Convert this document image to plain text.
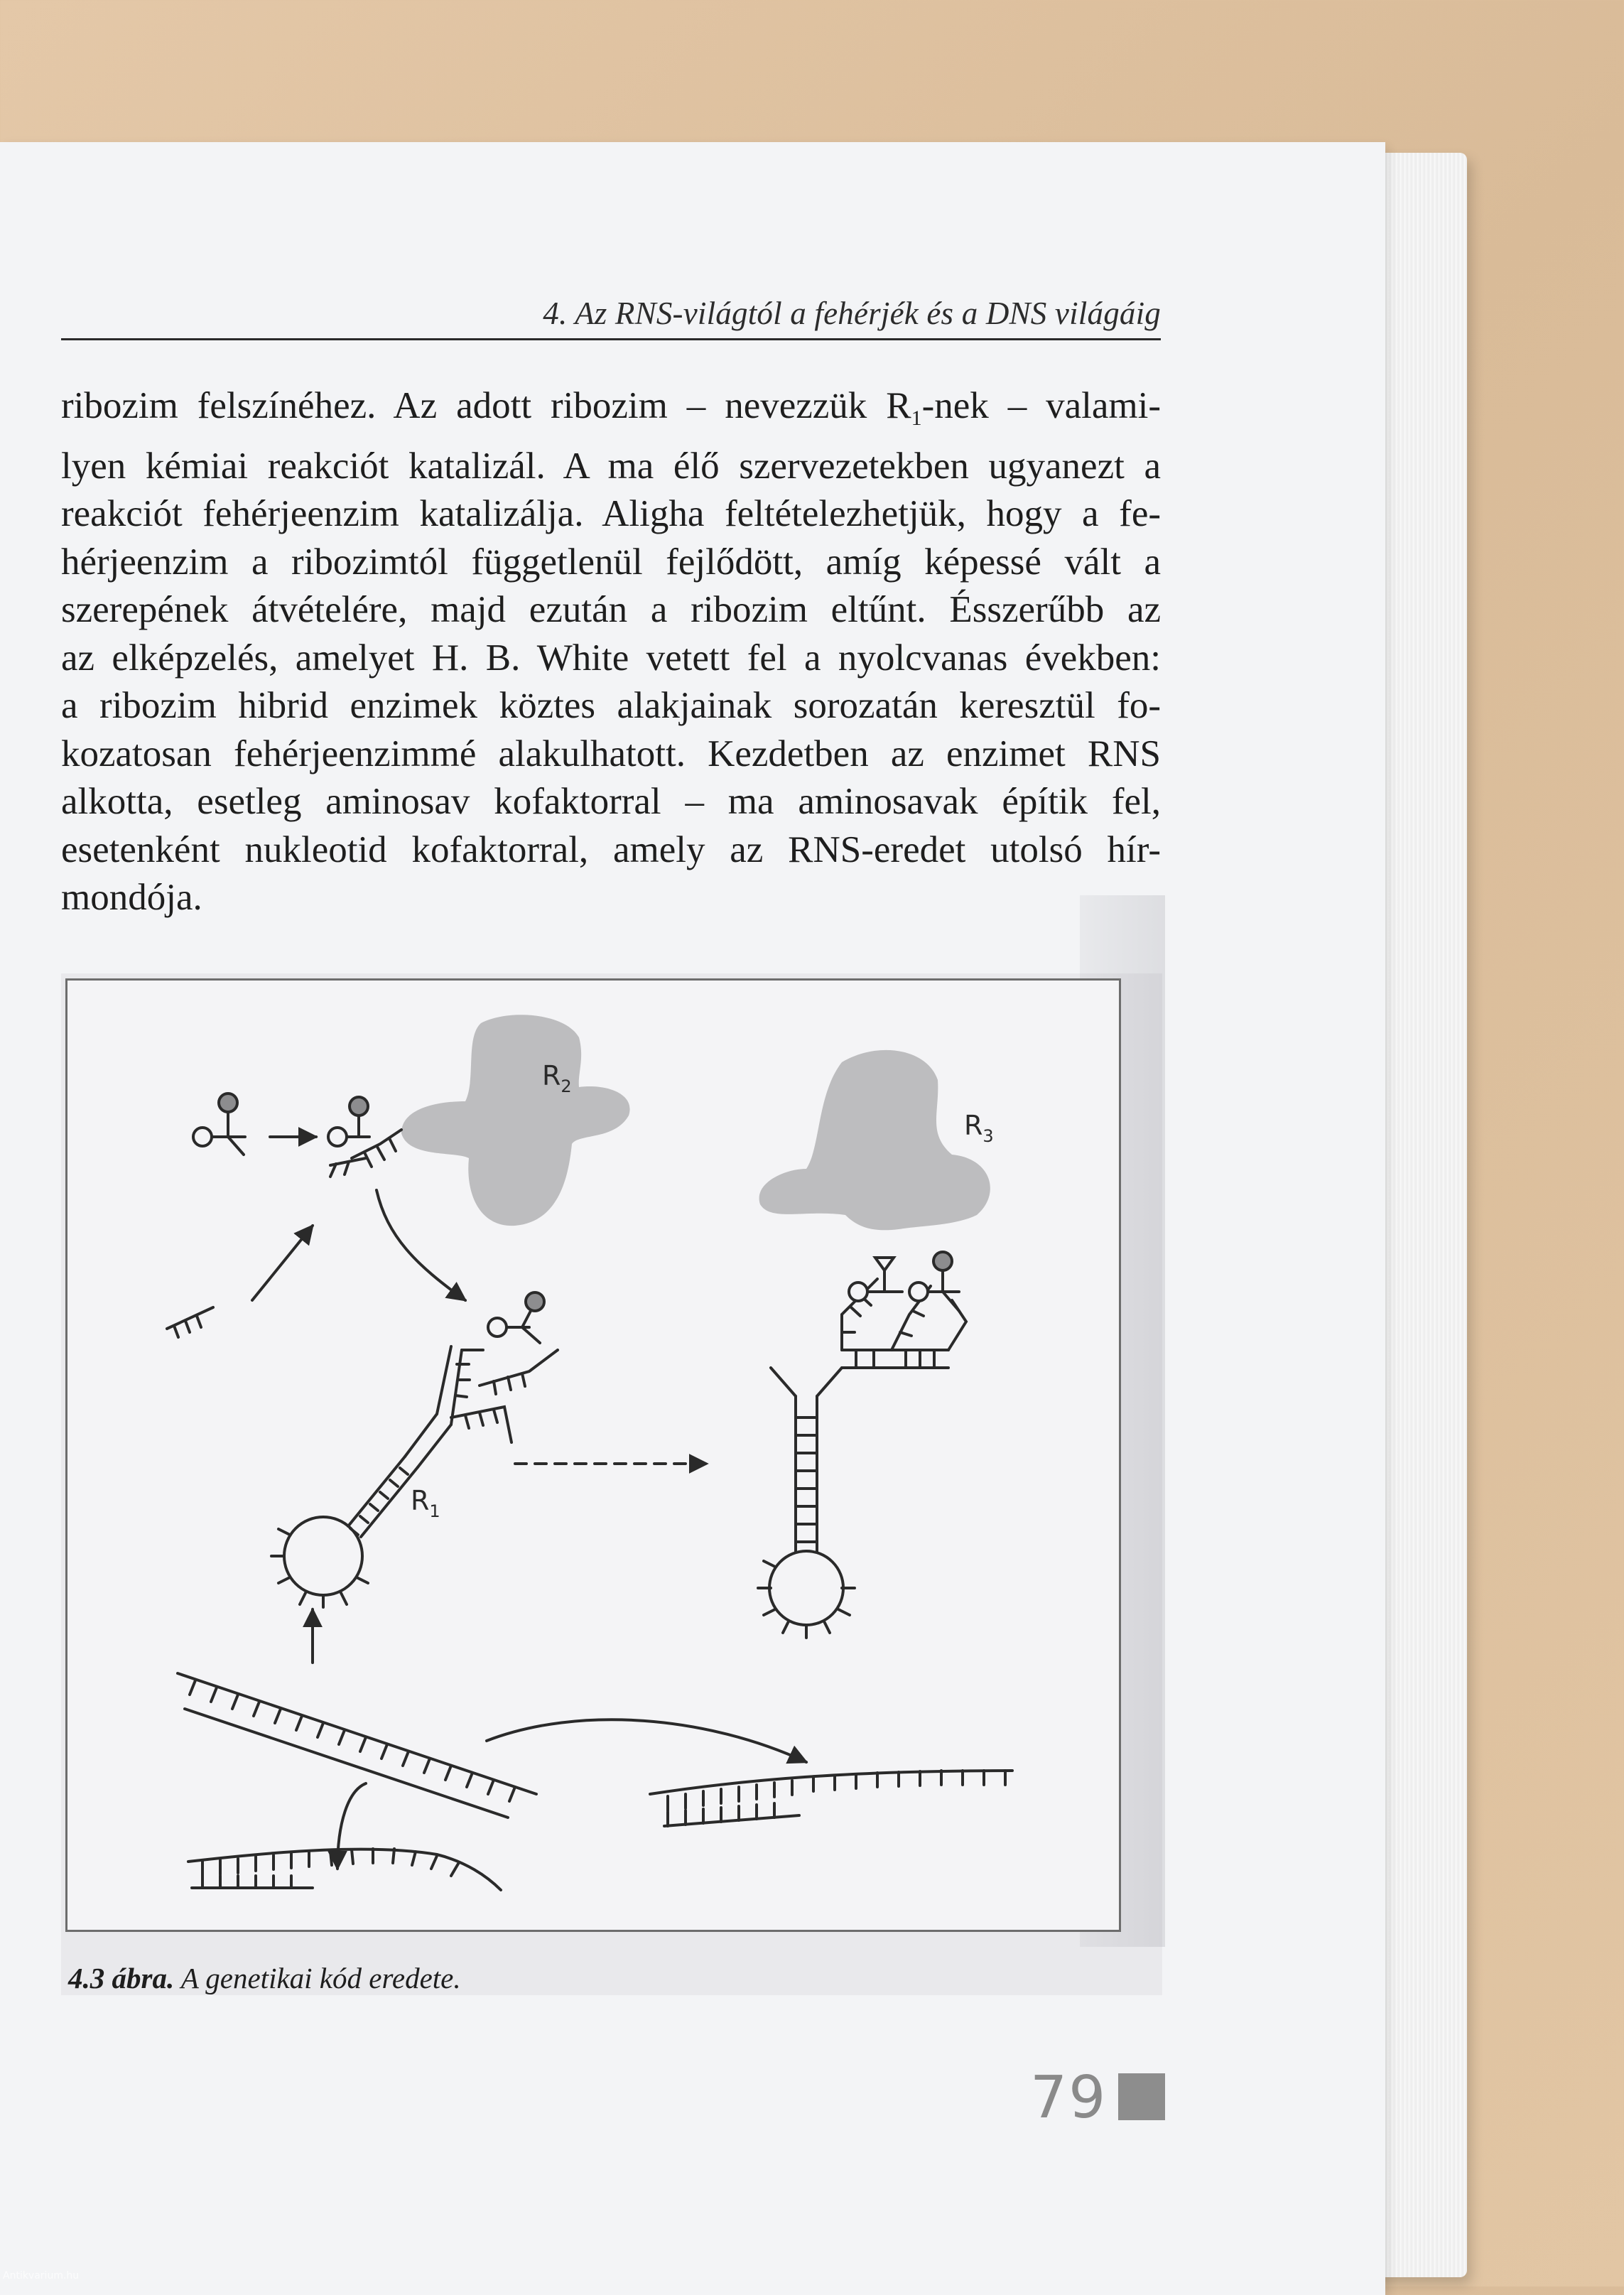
4. Az RNS-világtól a fehérjék és a DNS világáig
ribozim felszínéhez. Az adott ribozim – nevezzük $R_1$-nek – valami-
lyen kémiai reakciót katalizál. A ma élő szervezetekben ugyanezt a
reakciót fehérjeenzim katalizálja. Aligha feltételezhetjük, hogy a fe-
hérjeenzim a ribozimtól függetlenül fejlődött, amíg képessé vált a
szerepének átvételére, majd ezután a ribozim eltűnt. Ésszerűbb az
az elképzelés, amelyet H. B. White vetett fel a nyolcvanas években:
a ribozim hibrid enzimek köztes alakjainak sorozatán keresztül fo-
kozatosan fehérjeenzimmé alakulhatott. Kezdetben az enzimet RNS
alkotta, esetleg aminosav kofaktorral – ma aminosavak építik fel,
esetenként nukleotid kofaktorral, amely az RNS-eredet utolsó hír-
mondója.
$R_2$
$R_3$
$R_1$
4.3 ábra. A genetikai kód eredete.
79
Antikvarium.hu
